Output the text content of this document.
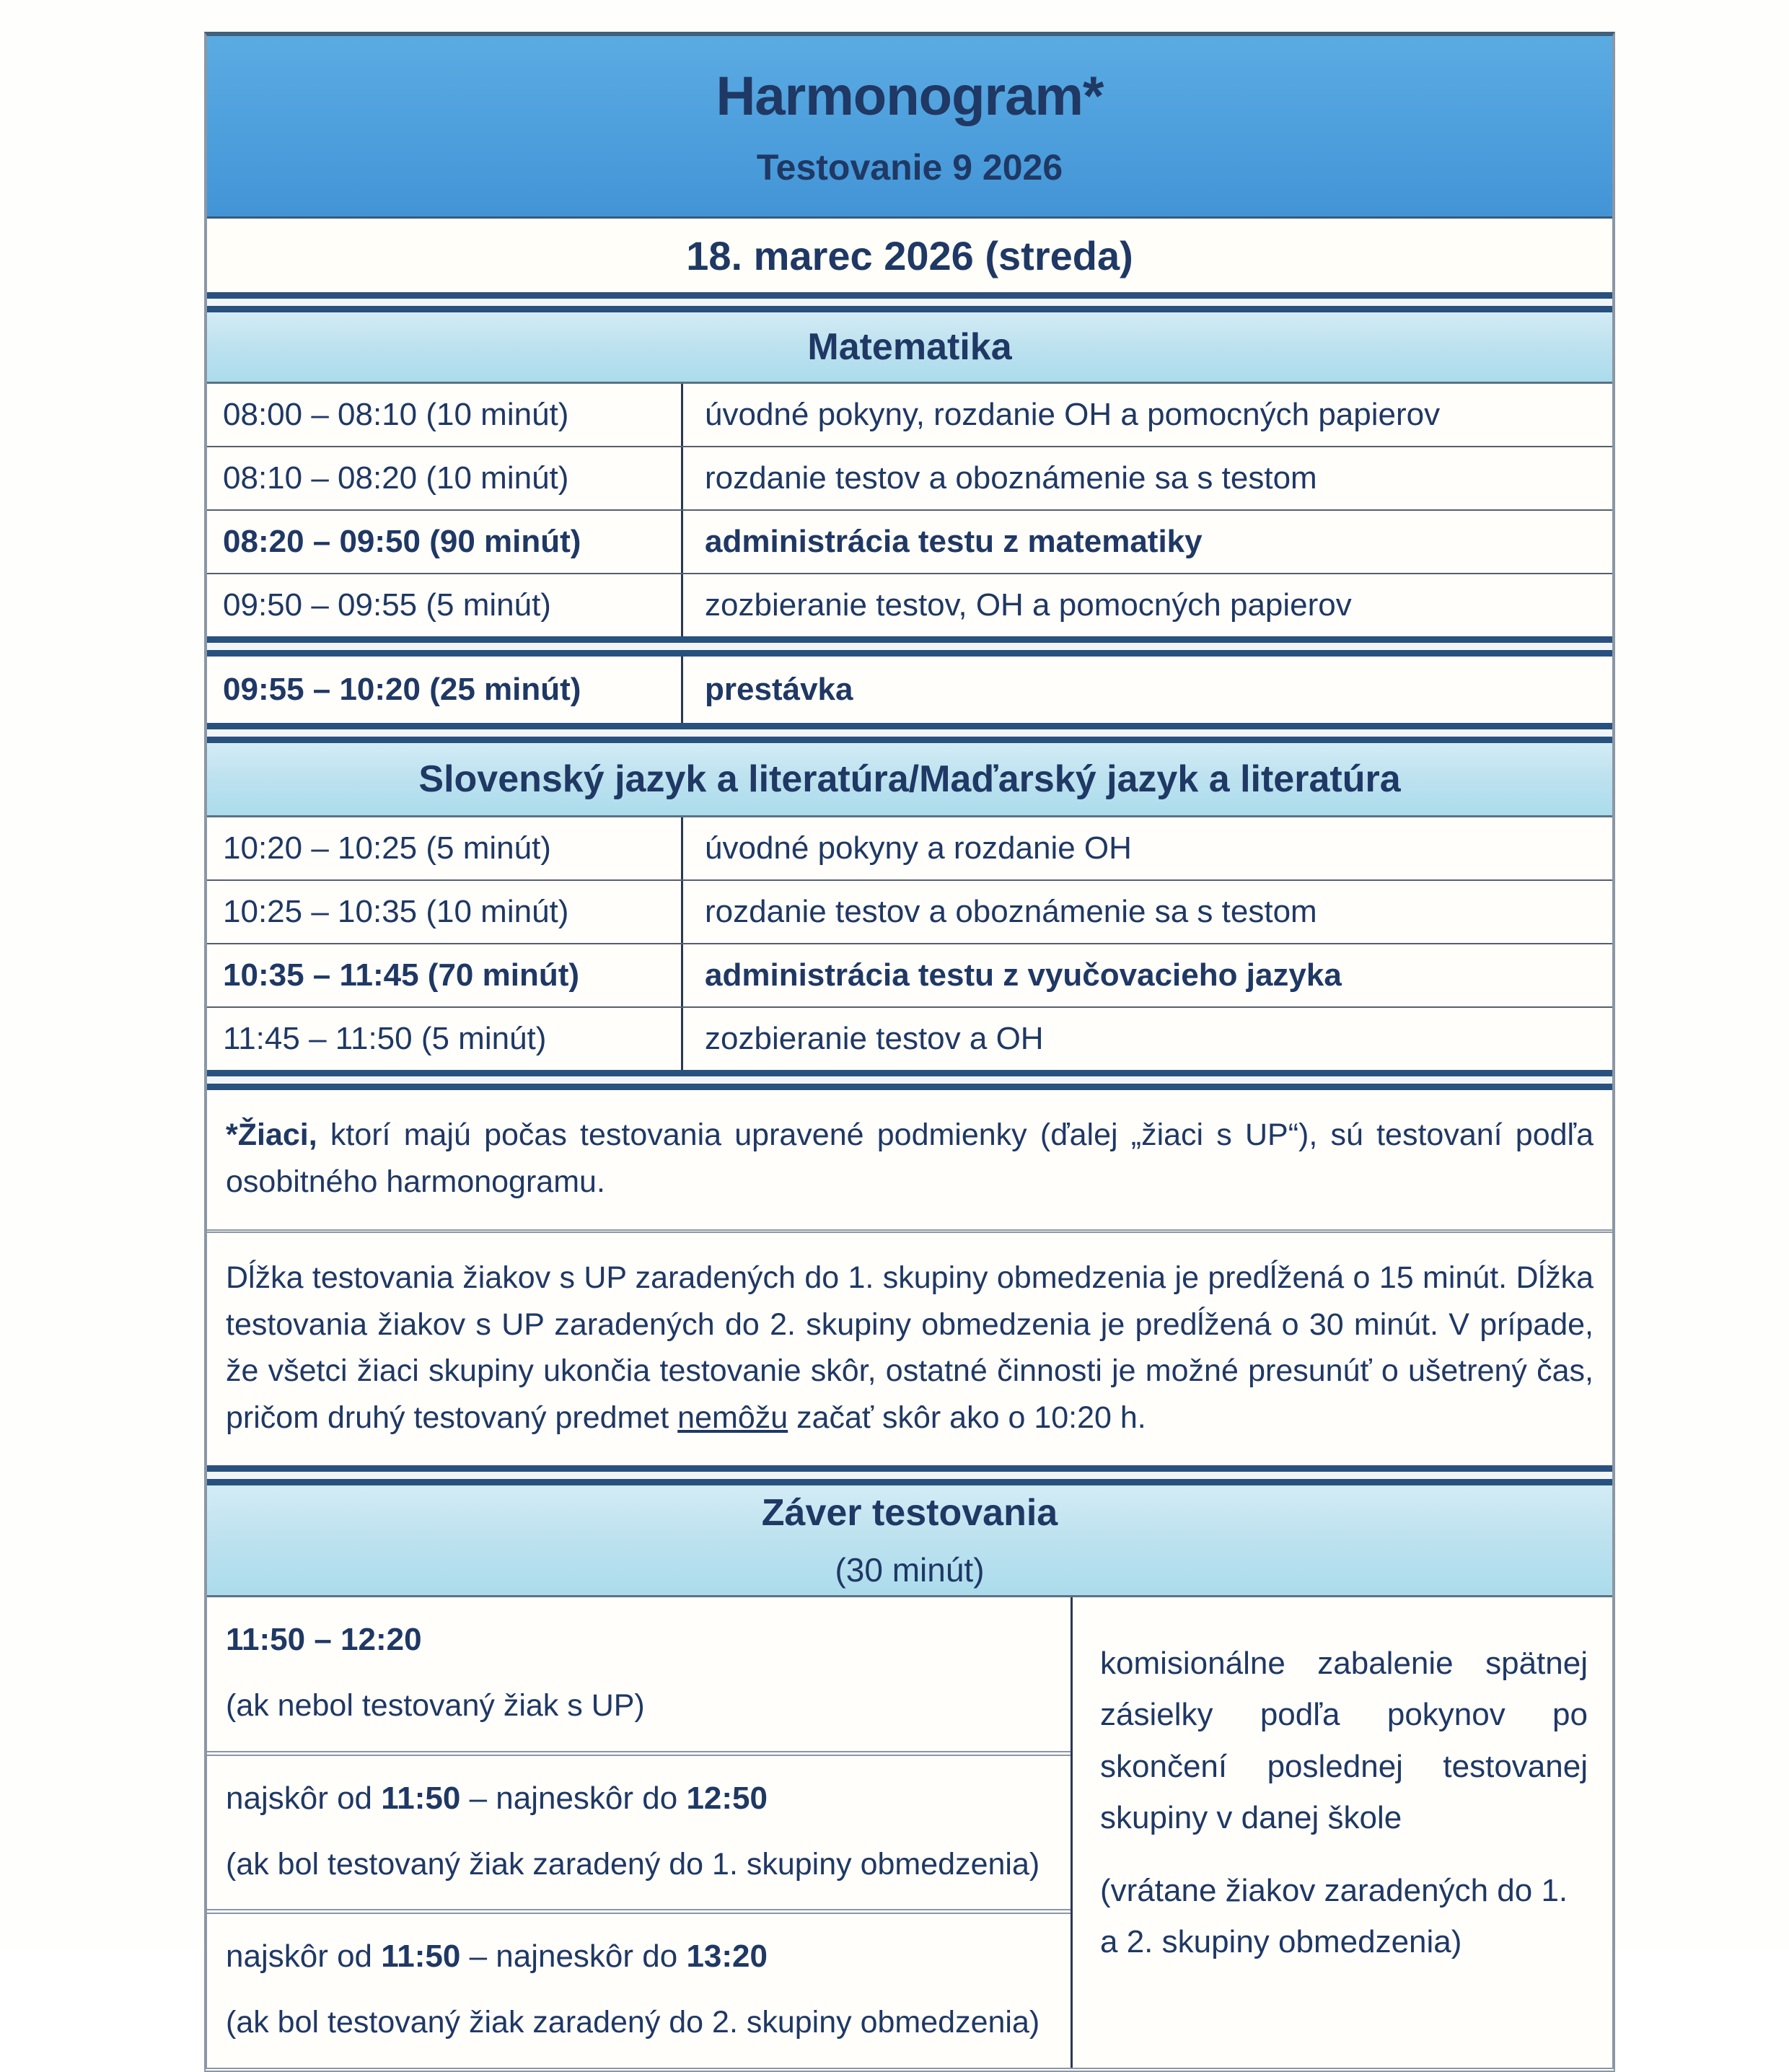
Harmonogram*
Testovanie 9 2026
18. marec 2026 (streda)
Matematika
08:00 – 08:10 (10 minút)	úvodné pokyny, rozdanie OH a pomocných papierov
08:10 – 08:20 (10 minút)	rozdanie testov a oboznámenie sa s testom
08:20 – 09:50 (90 minút)	administrácia testu z matematiky
09:50 – 09:55 (5 minút)	zozbieranie testov, OH a pomocných papierov
09:55 – 10:20 (25 minút)	prestávka
Slovenský jazyk a literatúra/Maďarský jazyk a literatúra
10:20 – 10:25 (5 minút)	úvodné pokyny a rozdanie OH
10:25 – 10:35 (10 minút)	rozdanie testov a oboznámenie sa s testom
10:35 – 11:45 (70 minút)	administrácia testu z vyučovacieho jazyka
11:45 – 11:50 (5 minút)	zozbieranie testov a OH
*Žiaci, ktorí majú počas testovania upravené podmienky (ďalej „žiaci s UP“), sú testovaní podľa osobitného harmonogramu.
Dĺžka testovania žiakov s UP zaradených do 1. skupiny obmedzenia je predĺžená o 15 minút. Dĺžka testovania žiakov s UP zaradených do 2. skupiny obmedzenia je predĺžená o 30 minút. V prípade, že všetci žiaci skupiny ukončia testovanie skôr, ostatné činnosti je možné presunúť o ušetrený čas, pričom druhý testovaný predmet nemôžu začať skôr ako o 10:20 h.
Záver testovania
(30 minút)
11:50 – 12:20
(ak nebol testovaný žiak s UP)
najskôr od 11:50 – najneskôr do 12:50
(ak bol testovaný žiak zaradený do 1. skupiny obmedzenia)
najskôr od 11:50 – najneskôr do 13:20
(ak bol testovaný žiak zaradený do 2. skupiny obmedzenia)
komisionálne zabalenie spätnej zásielky podľa pokynov po skončení poslednej testovanej skupiny v danej škole
(vrátane žiakov zaradených do 1. a 2. skupiny obmedzenia)
